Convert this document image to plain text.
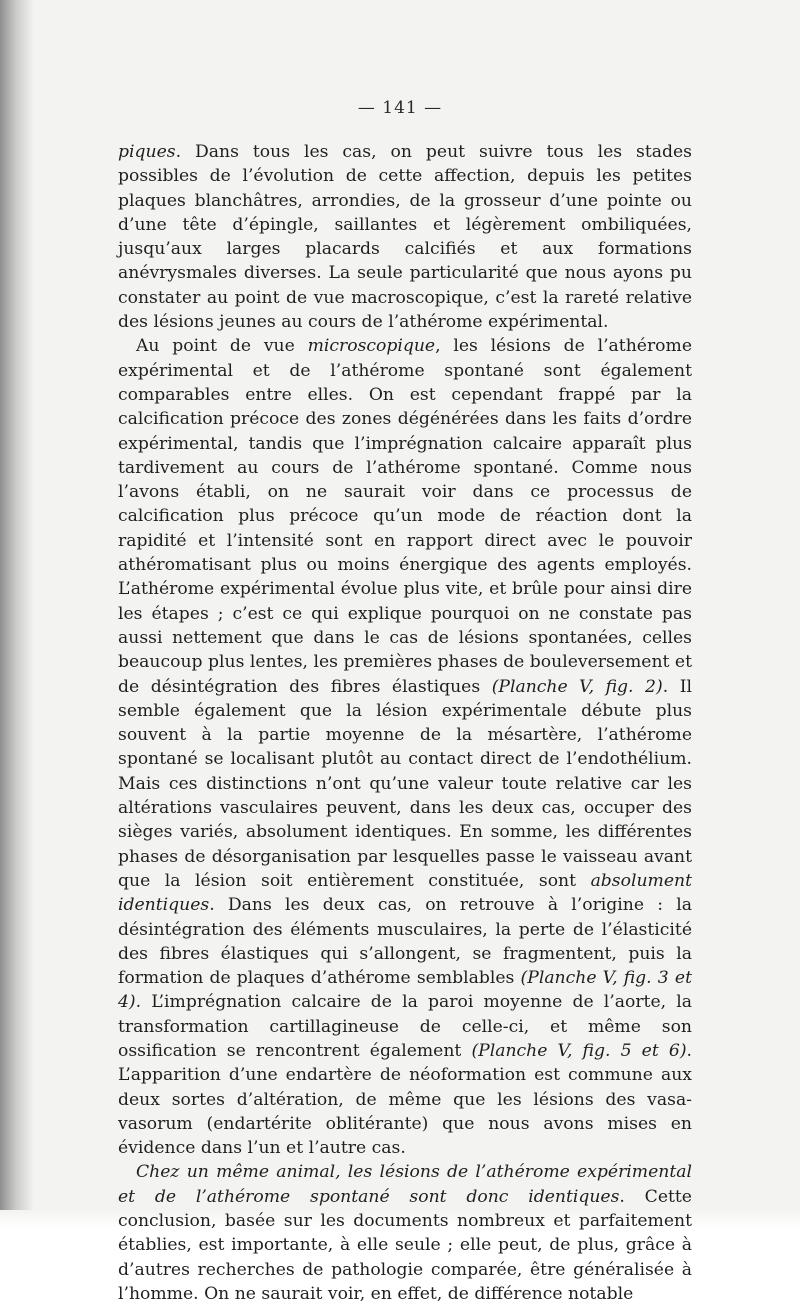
— 141 —

piques. Dans tous les cas, on peut suivre tous les stades possibles de l’évolution de cette affection, depuis les petites plaques blanchâtres, arrondies, de la grosseur d’une pointe ou d’une tête d’épingle, saillantes et légèrement ombiliquées, jusqu’aux larges placards calcifiés et aux formations anévrysmales diverses. La seule particularité que nous ayons pu constater au point de vue macroscopique, c’est la rareté relative des lésions jeunes au cours de l’athérome expérimental.

Au point de vue microscopique, les lésions de l’athérome expérimental et de l’athérome spontané sont également comparables entre elles. On est cependant frappé par la calcification précoce des zones dégénérées dans les faits d’ordre expérimental, tandis que l’imprégnation calcaire apparaît plus tardivement au cours de l’athérome spontané. Comme nous l’avons établi, on ne saurait voir dans ce processus de calcification plus précoce qu’un mode de réaction dont la rapidité et l’intensité sont en rapport direct avec le pouvoir athéromatisant plus ou moins énergique des agents employés. L’athérome expérimental évolue plus vite, et brûle pour ainsi dire les étapes ; c’est ce qui explique pourquoi on ne constate pas aussi nettement que dans le cas de lésions spontanées, celles beaucoup plus lentes, les premières phases de bouleversement et de désintégration des fibres élastiques (Planche V, fig. 2). Il semble également que la lésion expérimentale débute plus souvent à la partie moyenne de la mésartère, l’athérome spontané se localisant plutôt au contact direct de l’endothélium. Mais ces distinctions n’ont qu’une valeur toute relative car les altérations vasculaires peuvent, dans les deux cas, occuper des sièges variés, absolument identiques. En somme, les différentes phases de désorganisation par lesquelles passe le vaisseau avant que la lésion soit entièrement constituée, sont absolument identiques. Dans les deux cas, on retrouve à l’origine : la désintégration des éléments musculaires, la perte de l’élasticité des fibres élastiques qui s’allongent, se fragmentent, puis la formation de plaques d’athérome semblables (Planche V, fig. 3 et 4). L’imprégnation calcaire de la paroi moyenne de l’aorte, la transformation cartillagineuse de celle-ci, et même son ossification se rencontrent également (Planche V, fig. 5 et 6). L’apparition d’une endartère de néoformation est commune aux deux sortes d’altération, de même que les lésions des vasa-vasorum (endartérite oblitérante) que nous avons mises en évidence dans l’un et l’autre cas.

Chez un même animal, les lésions de l’athérome expérimental et de l’athérome spontané sont donc identiques. Cette conclusion, basée sur les documents nombreux et parfaitement établies, est importante, à elle seule ; elle peut, de plus, grâce à d’autres recherches de pathologie comparée, être généralisée à l’homme. On ne saurait voir, en effet, de différence notable
